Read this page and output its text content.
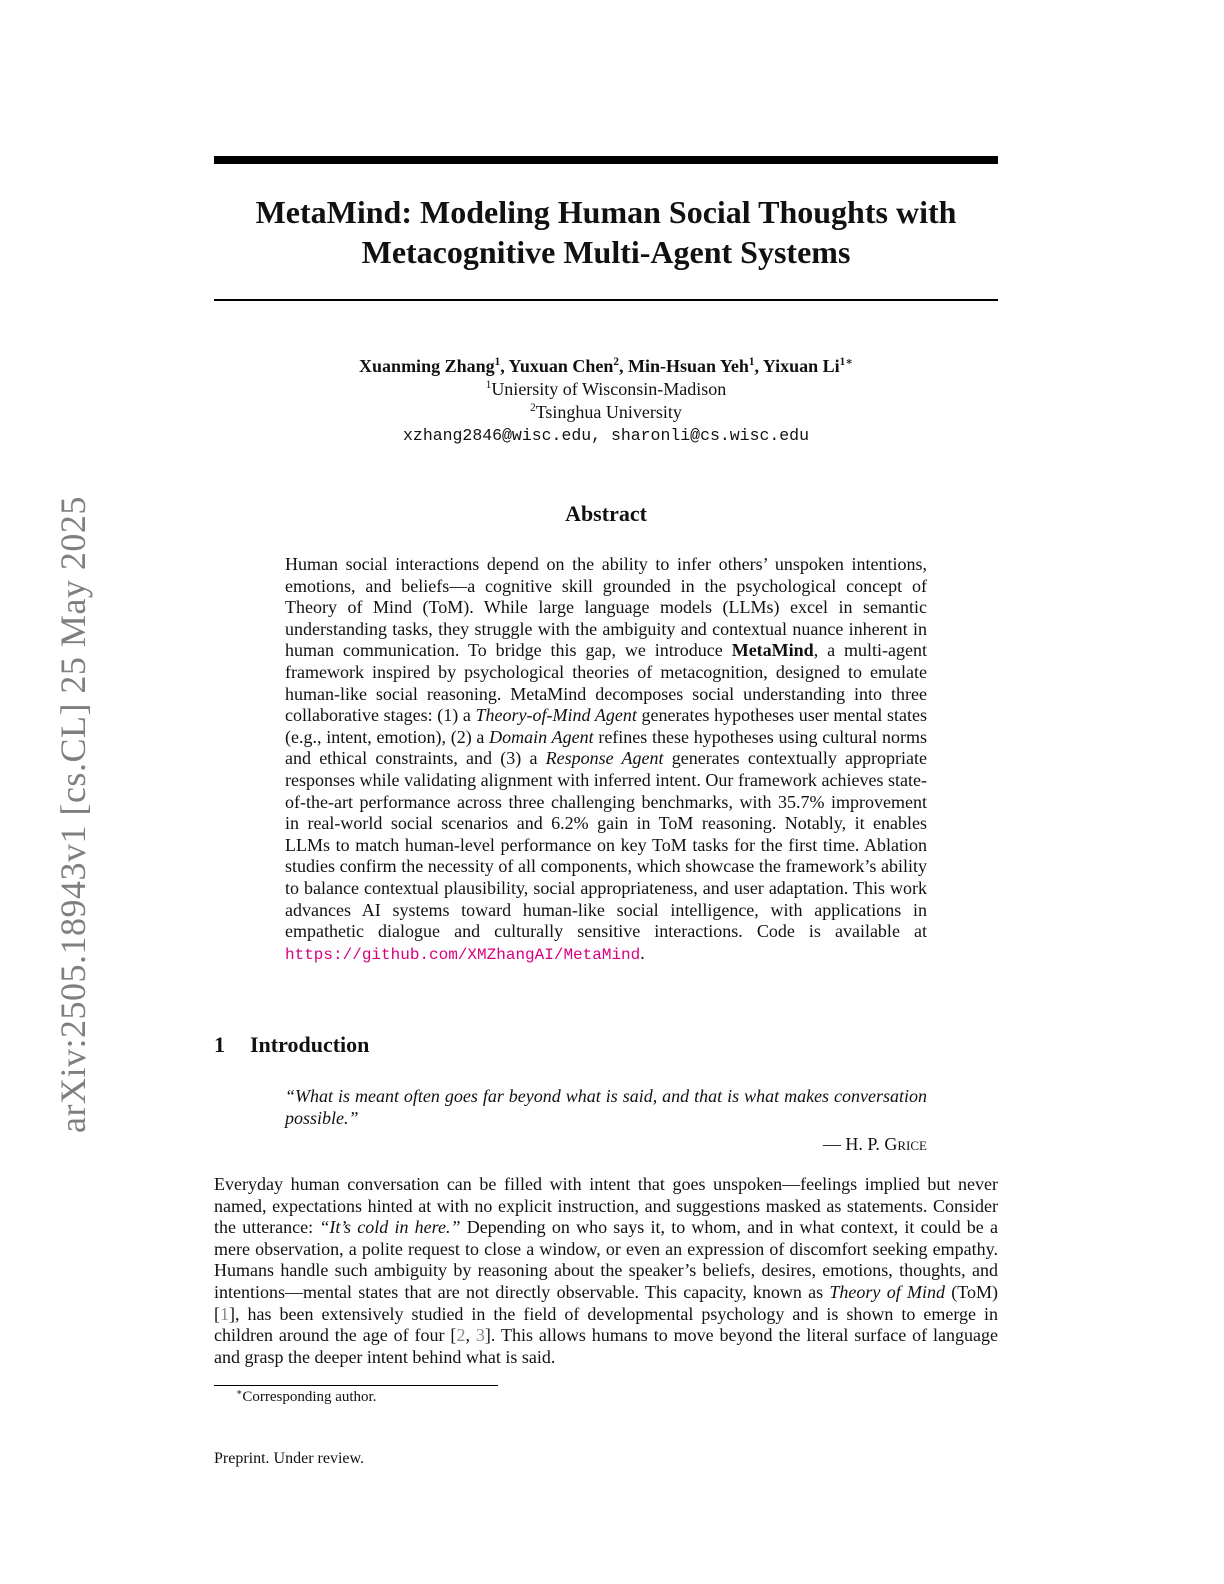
arXiv:2505.18943v1 [cs.CL] 25 May 2025
MetaMind: Modeling Human Social Thoughts with
Metacognitive Multi-Agent Systems
Xuanming Zhang$^1$, Yuxuan Chen$^2$, Min-Hsuan Yeh$^1$, Yixuan $Li^{1∗}$
$^1$Uniersity of Wisconsin-Madison
$^2$Tsinghua University
xzhang2846@wisc.edu, sharonli@cs.wisc.edu
Abstract
Human social interactions depend on the ability to infer others’ unspoken intentions, emotions, and beliefs—a cognitive skill grounded in the psychological concept of Theory of Mind (ToM). While large language models (LLMs) excel in semantic understanding tasks, they struggle with the ambiguity and contextual nuance inherent in human communication. To bridge this gap, we introduce MetaMind, a multi-agent framework inspired by psychological theories of metacognition, designed to emulate human-like social reasoning. MetaMind decomposes social understanding into three collaborative stages: (1) a Theory-of-Mind Agent generates hypotheses user mental states (e.g., intent, emotion), (2) a Domain Agent refines these hypotheses using cultural norms and ethical constraints, and (3) a Response Agent generates contextually appropriate responses while validating alignment with inferred intent. Our framework achieves state-of-the-art performance across three challenging benchmarks, with 35.7% improvement in real-world social scenarios and 6.2% gain in ToM reasoning. Notably, it enables LLMs to match human-level performance on key ToM tasks for the first time. Ablation studies confirm the necessity of all components, which showcase the framework’s ability to balance contextual plausibility, social appropriateness, and user adaptation. This work advances AI systems toward human-like social intelligence, with applications in empathetic dialogue and culturally sensitive interactions. Code is available at https://github.com/XMZhangAI/MetaMind.
1 Introduction
“What is meant often goes far beyond what is said, and that is what makes conversation possible.”
— H. P. Grice
Everyday human conversation can be filled with intent that goes unspoken—feelings implied but never named, expectations hinted at with no explicit instruction, and suggestions masked as statements. Consider the utterance: “It’s cold in here.” Depending on who says it, to whom, and in what context, it could be a mere observation, a polite request to close a window, or even an expression of discomfort seeking empathy. Humans handle such ambiguity by reasoning about the speaker’s beliefs, desires, emotions, thoughts, and intentions—mental states that are not directly observable. This capacity, known as Theory of Mind (ToM) [1], has been extensively studied in the field of developmental psychology and is shown to emerge in children around the age of four [2, 3]. This allows humans to move beyond the literal surface of language and grasp the deeper intent behind what is said.
∗Corresponding author.
Preprint. Under review.
